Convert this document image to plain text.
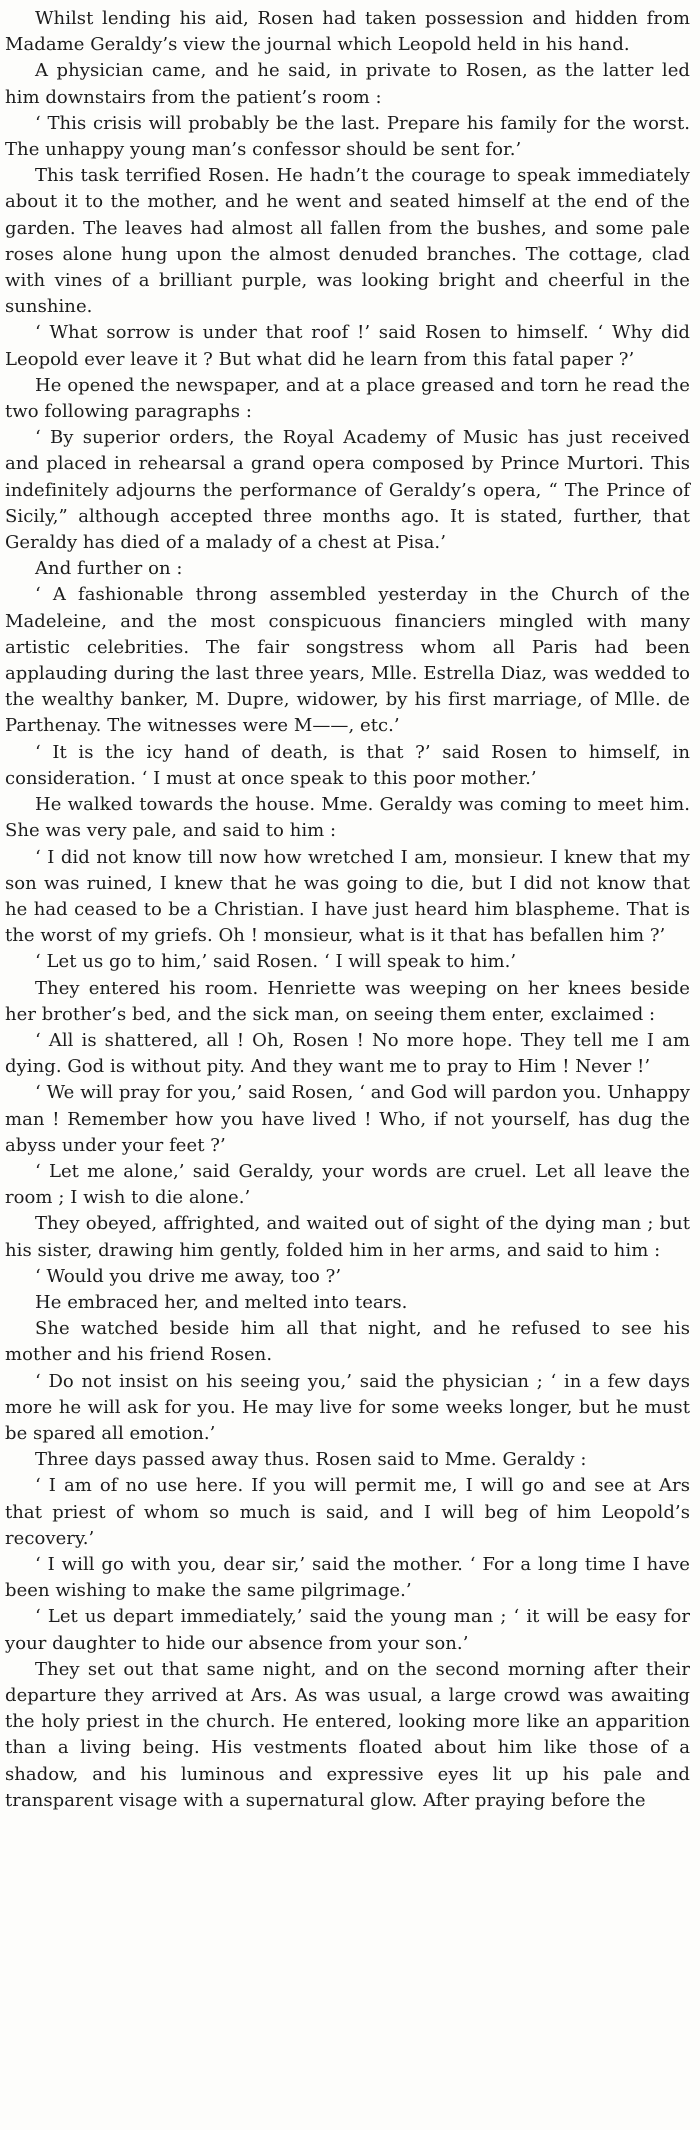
Whilst lending his aid, Rosen had taken possession and hidden from Madame Geraldy’s view the journal which Leopold held in his hand.

A physician came, and he said, in private to Rosen, as the latter led him downstairs from the patient’s room :

‘ This crisis will probably be the last. Prepare his family for the worst. The unhappy young man’s confessor should be sent for.’

This task terrified Rosen. He hadn’t the courage to speak immediately about it to the mother, and he went and seated himself at the end of the garden. The leaves had almost all fallen from the bushes, and some pale roses alone hung upon the almost denuded branches. The cottage, clad with vines of a brilliant purple, was looking bright and cheerful in the sunshine.

‘ What sorrow is under that roof !’ said Rosen to himself. ‘ Why did Leopold ever leave it ? But what did he learn from this fatal paper ?’

He opened the newspaper, and at a place greased and torn he read the two following paragraphs :

‘ By superior orders, the Royal Academy of Music has just received and placed in rehearsal a grand opera composed by Prince Murtori. This indefinitely adjourns the performance of Geraldy’s opera, “ The Prince of Sicily,” although accepted three months ago. It is stated, further, that Geraldy has died of a malady of a chest at Pisa.’

And further on :

‘ A fashionable throng assembled yesterday in the Church of the Madeleine, and the most conspicuous financiers mingled with many artistic celebrities. The fair songstress whom all Paris had been applauding during the last three years, Mlle. Estrella Diaz, was wedded to the wealthy banker, M. Dupre, widower, by his first marriage, of Mlle. de Parthenay. The witnesses were M——, etc.’

‘ It is the icy hand of death, is that ?’ said Rosen to himself, in consideration. ‘ I must at once speak to this poor mother.’

He walked towards the house. Mme. Geraldy was coming to meet him. She was very pale, and said to him :

‘ I did not know till now how wretched I am, monsieur. I knew that my son was ruined, I knew that he was going to die, but I did not know that he had ceased to be a Christian. I have just heard him blaspheme. That is the worst of my griefs. Oh ! monsieur, what is it that has befallen him ?’

‘ Let us go to him,’ said Rosen. ‘ I will speak to him.’

They entered his room. Henriette was weeping on her knees beside her brother’s bed, and the sick man, on seeing them enter, exclaimed :

‘ All is shattered, all ! Oh, Rosen ! No more hope. They tell me I am dying. God is without pity. And they want me to pray to Him ! Never !’

‘ We will pray for you,’ said Rosen, ‘ and God will pardon you. Unhappy man ! Remember how you have lived ! Who, if not yourself, has dug the abyss under your feet ?’

‘ Let me alone,’ said Geraldy, your words are cruel. Let all leave the room ; I wish to die alone.’

They obeyed, affrighted, and waited out of sight of the dying man ; but his sister, drawing him gently, folded him in her arms, and said to him :

‘ Would you drive me away, too ?’

He embraced her, and melted into tears.

She watched beside him all that night, and he refused to see his mother and his friend Rosen.

‘ Do not insist on his seeing you,’ said the physician ; ‘ in a few days more he will ask for you. He may live for some weeks longer, but he must be spared all emotion.’

Three days passed away thus. Rosen said to Mme. Geraldy :

‘ I am of no use here. If you will permit me, I will go and see at Ars that priest of whom so much is said, and I will beg of him Leopold’s recovery.’

‘ I will go with you, dear sir,’ said the mother. ‘ For a long time I have been wishing to make the same pilgrimage.’

‘ Let us depart immediately,’ said the young man ; ‘ it will be easy for your daughter to hide our absence from your son.’

They set out that same night, and on the second morning after their departure they arrived at Ars. As was usual, a large crowd was awaiting the holy priest in the church. He entered, looking more like an apparition than a living being. His vestments floated about him like those of a shadow, and his luminous and expressive eyes lit up his pale and transparent visage with a supernatural glow. After praying before the
